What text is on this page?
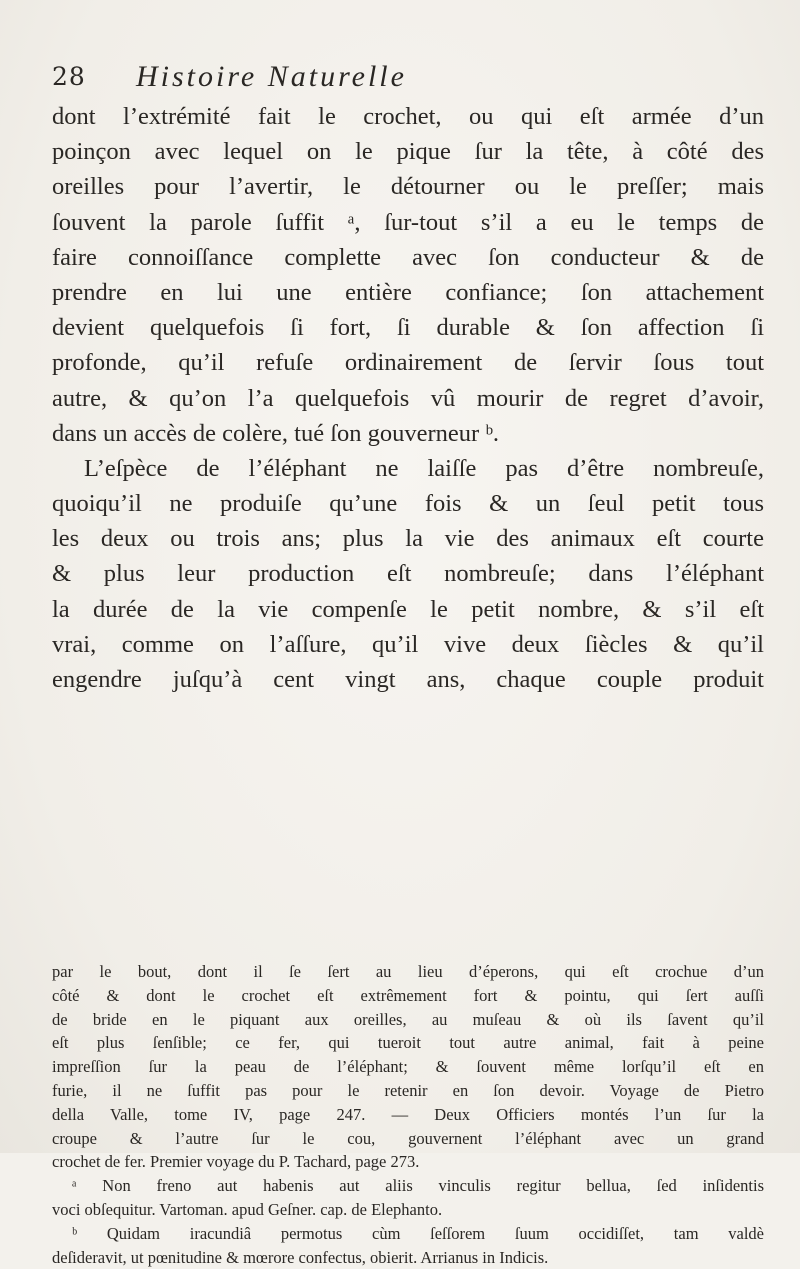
28 Histoire Naturelle
dont l’extrémité fait le crochet, ou qui eſt armée d’un
poinçon avec lequel on le pique ſur la tête, à côté des
oreilles pour l’avertir, le détourner ou le preſſer; mais
ſouvent la parole ſuffit ᵃ, ſur-tout s’il a eu le temps de
faire connoiſſance complette avec ſon conducteur & de
prendre en lui une entière confiance; ſon attachement
devient quelquefois ſi fort, ſi durable & ſon affection ſi
profonde, qu’il refuſe ordinairement de ſervir ſous tout
autre, & qu’on l’a quelquefois vû mourir de regret d’avoir,
dans un accès de colère, tué ſon gouverneur ᵇ.
L’eſpèce de l’éléphant ne laiſſe pas d’être nombreuſe,
quoiqu’il ne produiſe qu’une fois & un ſeul petit tous
les deux ou trois ans; plus la vie des animaux eſt courte
& plus leur production eſt nombreuſe; dans l’éléphant
la durée de la vie compenſe le petit nombre, & s’il eſt
vrai, comme on l’aſſure, qu’il vive deux ſiècles & qu’il
engendre juſqu’à cent vingt ans, chaque couple produit
par le bout, dont il ſe ſert au lieu d’éperons, qui eſt crochue d’un
côté & dont le crochet eſt extrêmement fort & pointu, qui ſert auſſi
de bride en le piquant aux oreilles, au muſeau & où ils ſavent qu’il
eſt plus ſenſible; ce fer, qui tueroit tout autre animal, fait à peine
impreſſion ſur la peau de l’éléphant; & ſouvent même lorſqu’il eſt en
furie, il ne ſuffit pas pour le retenir en ſon devoir. Voyage de Pietro
della Valle, tome IV, page 247. — Deux Officiers montés l’un ſur la
croupe & l’autre ſur le cou, gouvernent l’éléphant avec un grand
crochet de fer. Premier voyage du P. Tachard, page 273.
ᵃ Non freno aut habenis aut aliis vinculis regitur bellua, ſed inſidentis
voci obſequitur. Vartoman. apud Geſner. cap. de Elephanto.
ᵇ Quidam iracundiâ permotus cùm ſeſſorem ſuum occidiſſet, tam valdè
deſideravit, ut pœnitudine & mœrore confectus, obierit. Arrianus in Indicis.
